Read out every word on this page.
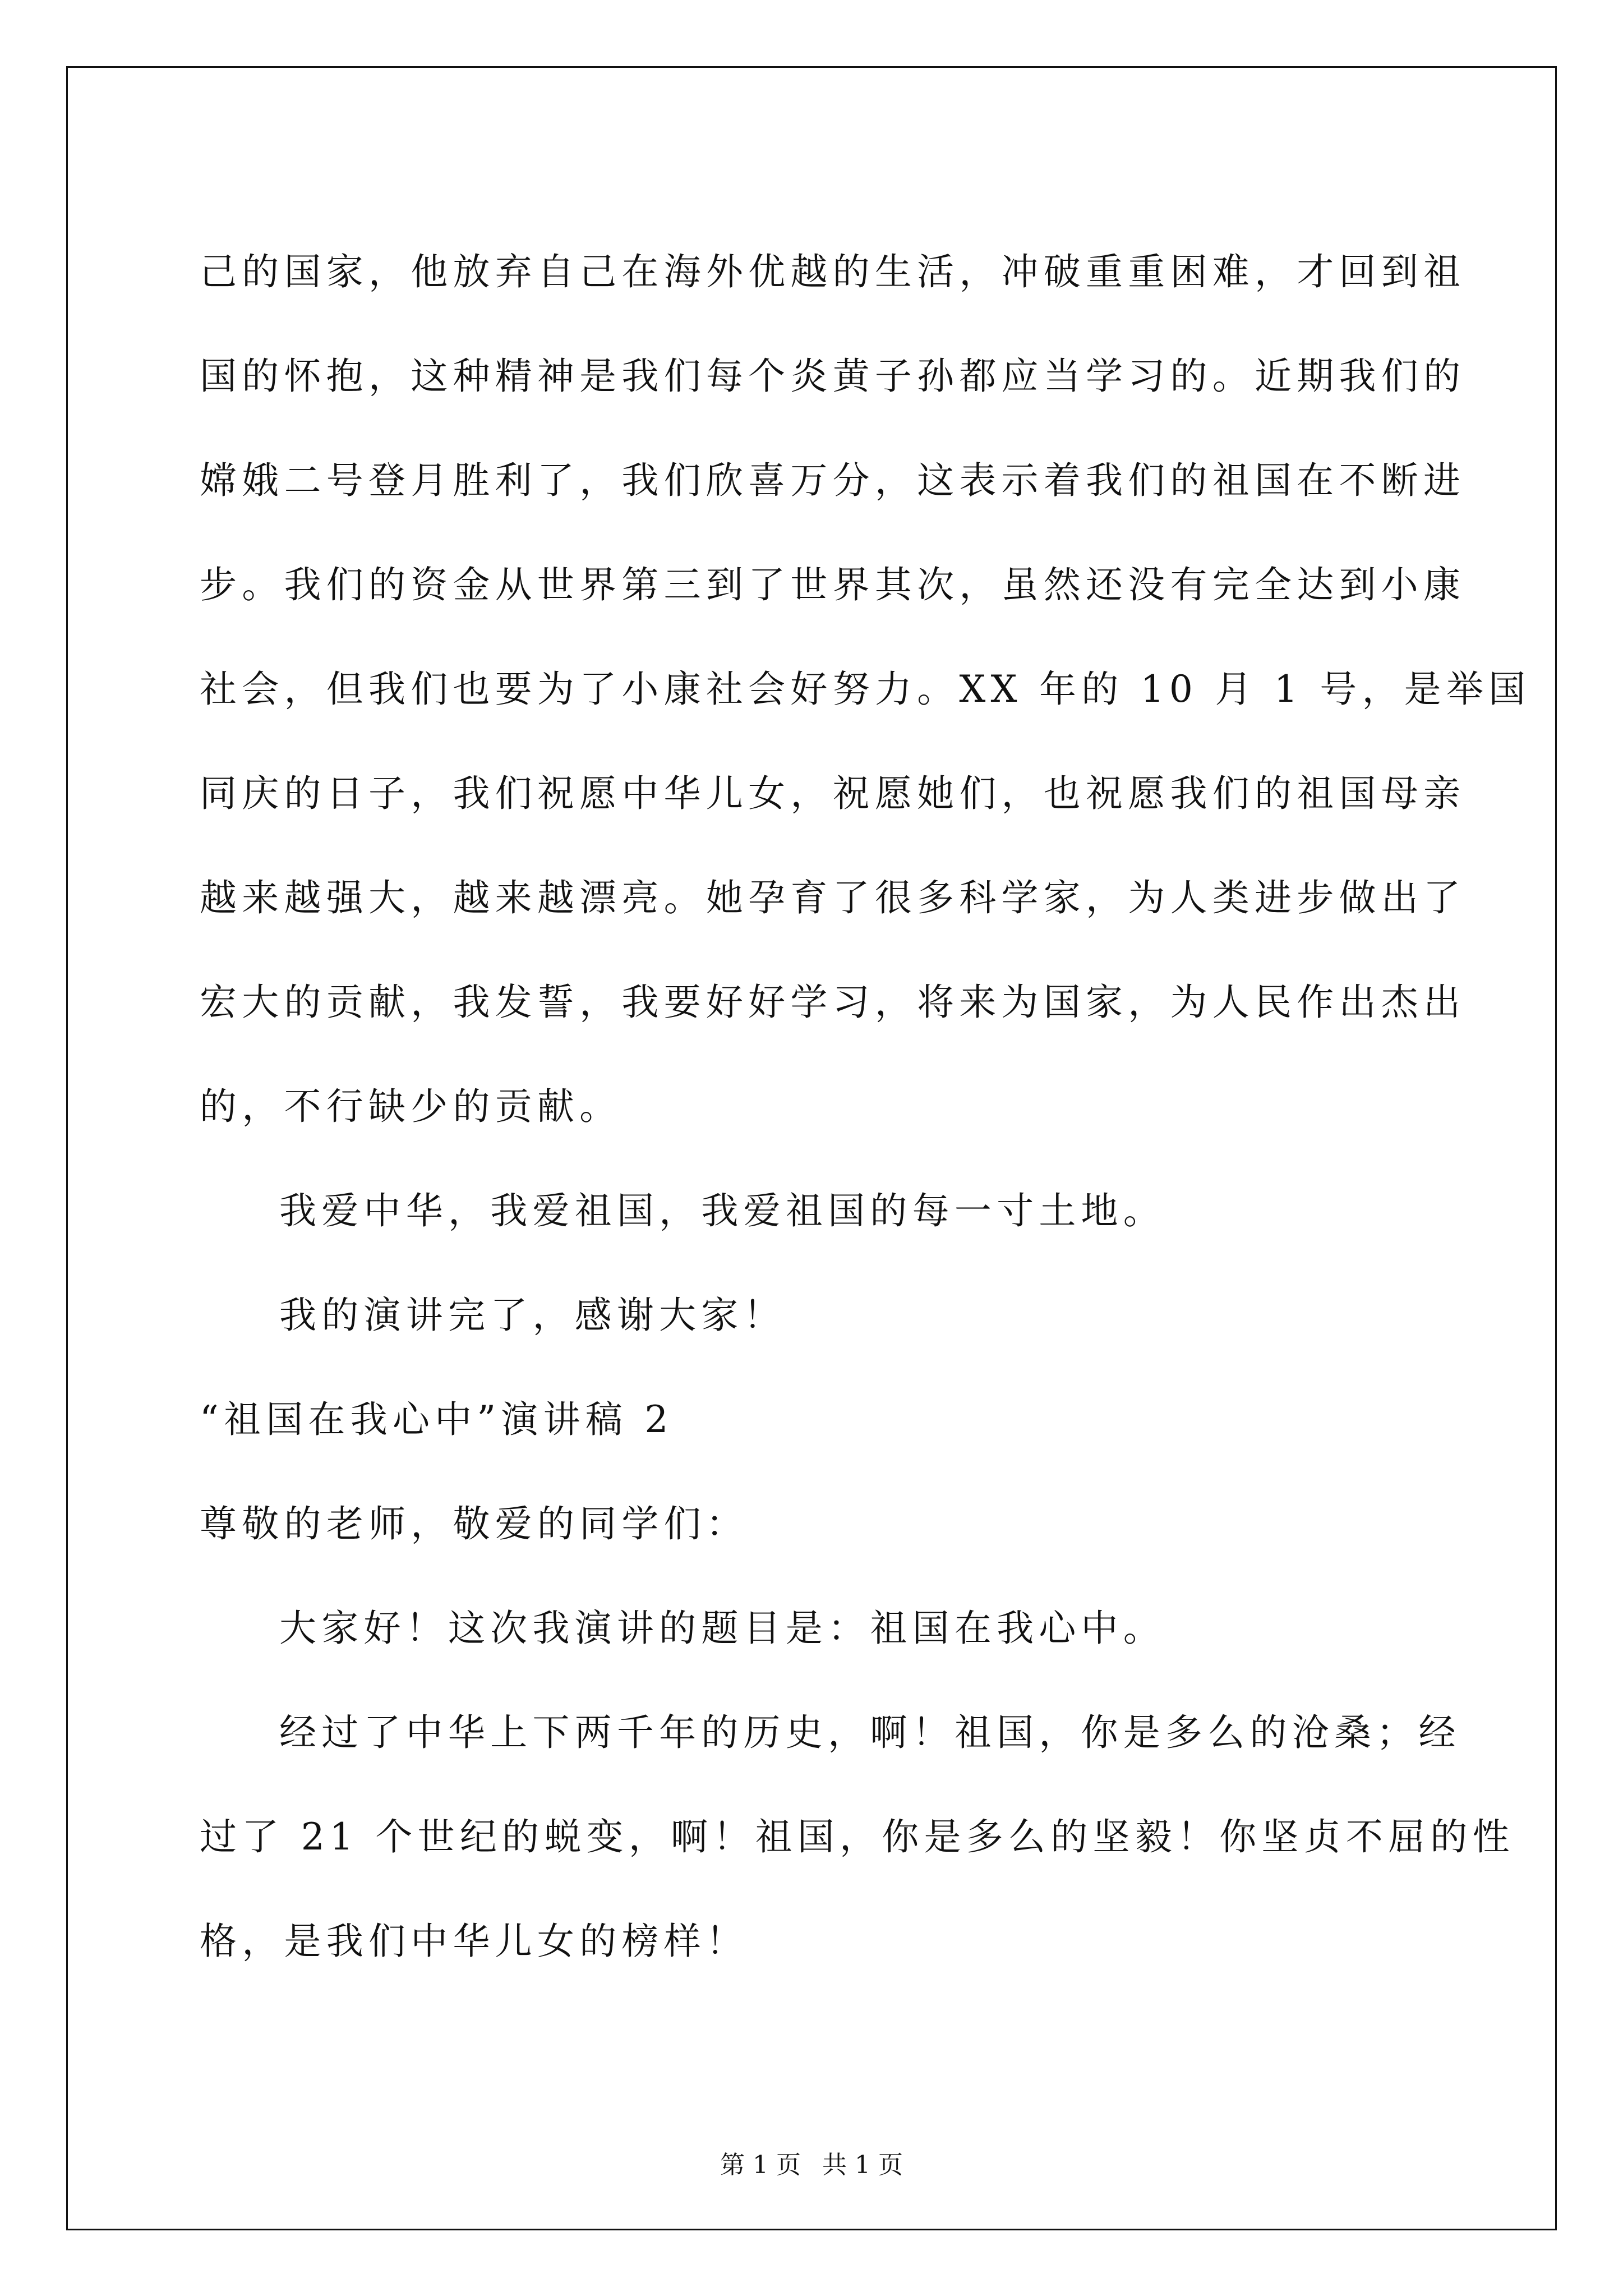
己的国家，他放弃自己在海外优越的生活，冲破重重困难，才回到祖
国的怀抱，这种精神是我们每个炎黄子孙都应当学习的。近期我们的
嫦娥二号登月胜利了，我们欣喜万分，这表示着我们的祖国在不断进
步。我们的资金从世界第三到了世界其次，虽然还没有完全达到小康
社会，但我们也要为了小康社会好努力。XX 年的 10 月 1 号，是举国
同庆的日子，我们祝愿中华儿女，祝愿她们，也祝愿我们的祖国母亲
越来越强大，越来越漂亮。她孕育了很多科学家，为人类进步做出了
宏大的贡献，我发誓，我要好好学习，将来为国家，为人民作出杰出
的，不行缺少的贡献。
我爱中华，我爱祖国，我爱祖国的每一寸土地。
我的演讲完了，感谢大家！
“祖国在我心中”演讲稿 2
尊敬的老师，敬爱的同学们：
大家好！这次我演讲的题目是：祖国在我心中。
经过了中华上下两千年的历史，啊！祖国，你是多么的沧桑；经
过了 21 个世纪的蜕变，啊！祖国，你是多么的坚毅！你坚贞不屈的性
格，是我们中华儿女的榜样！
第 1 页 共 1 页
